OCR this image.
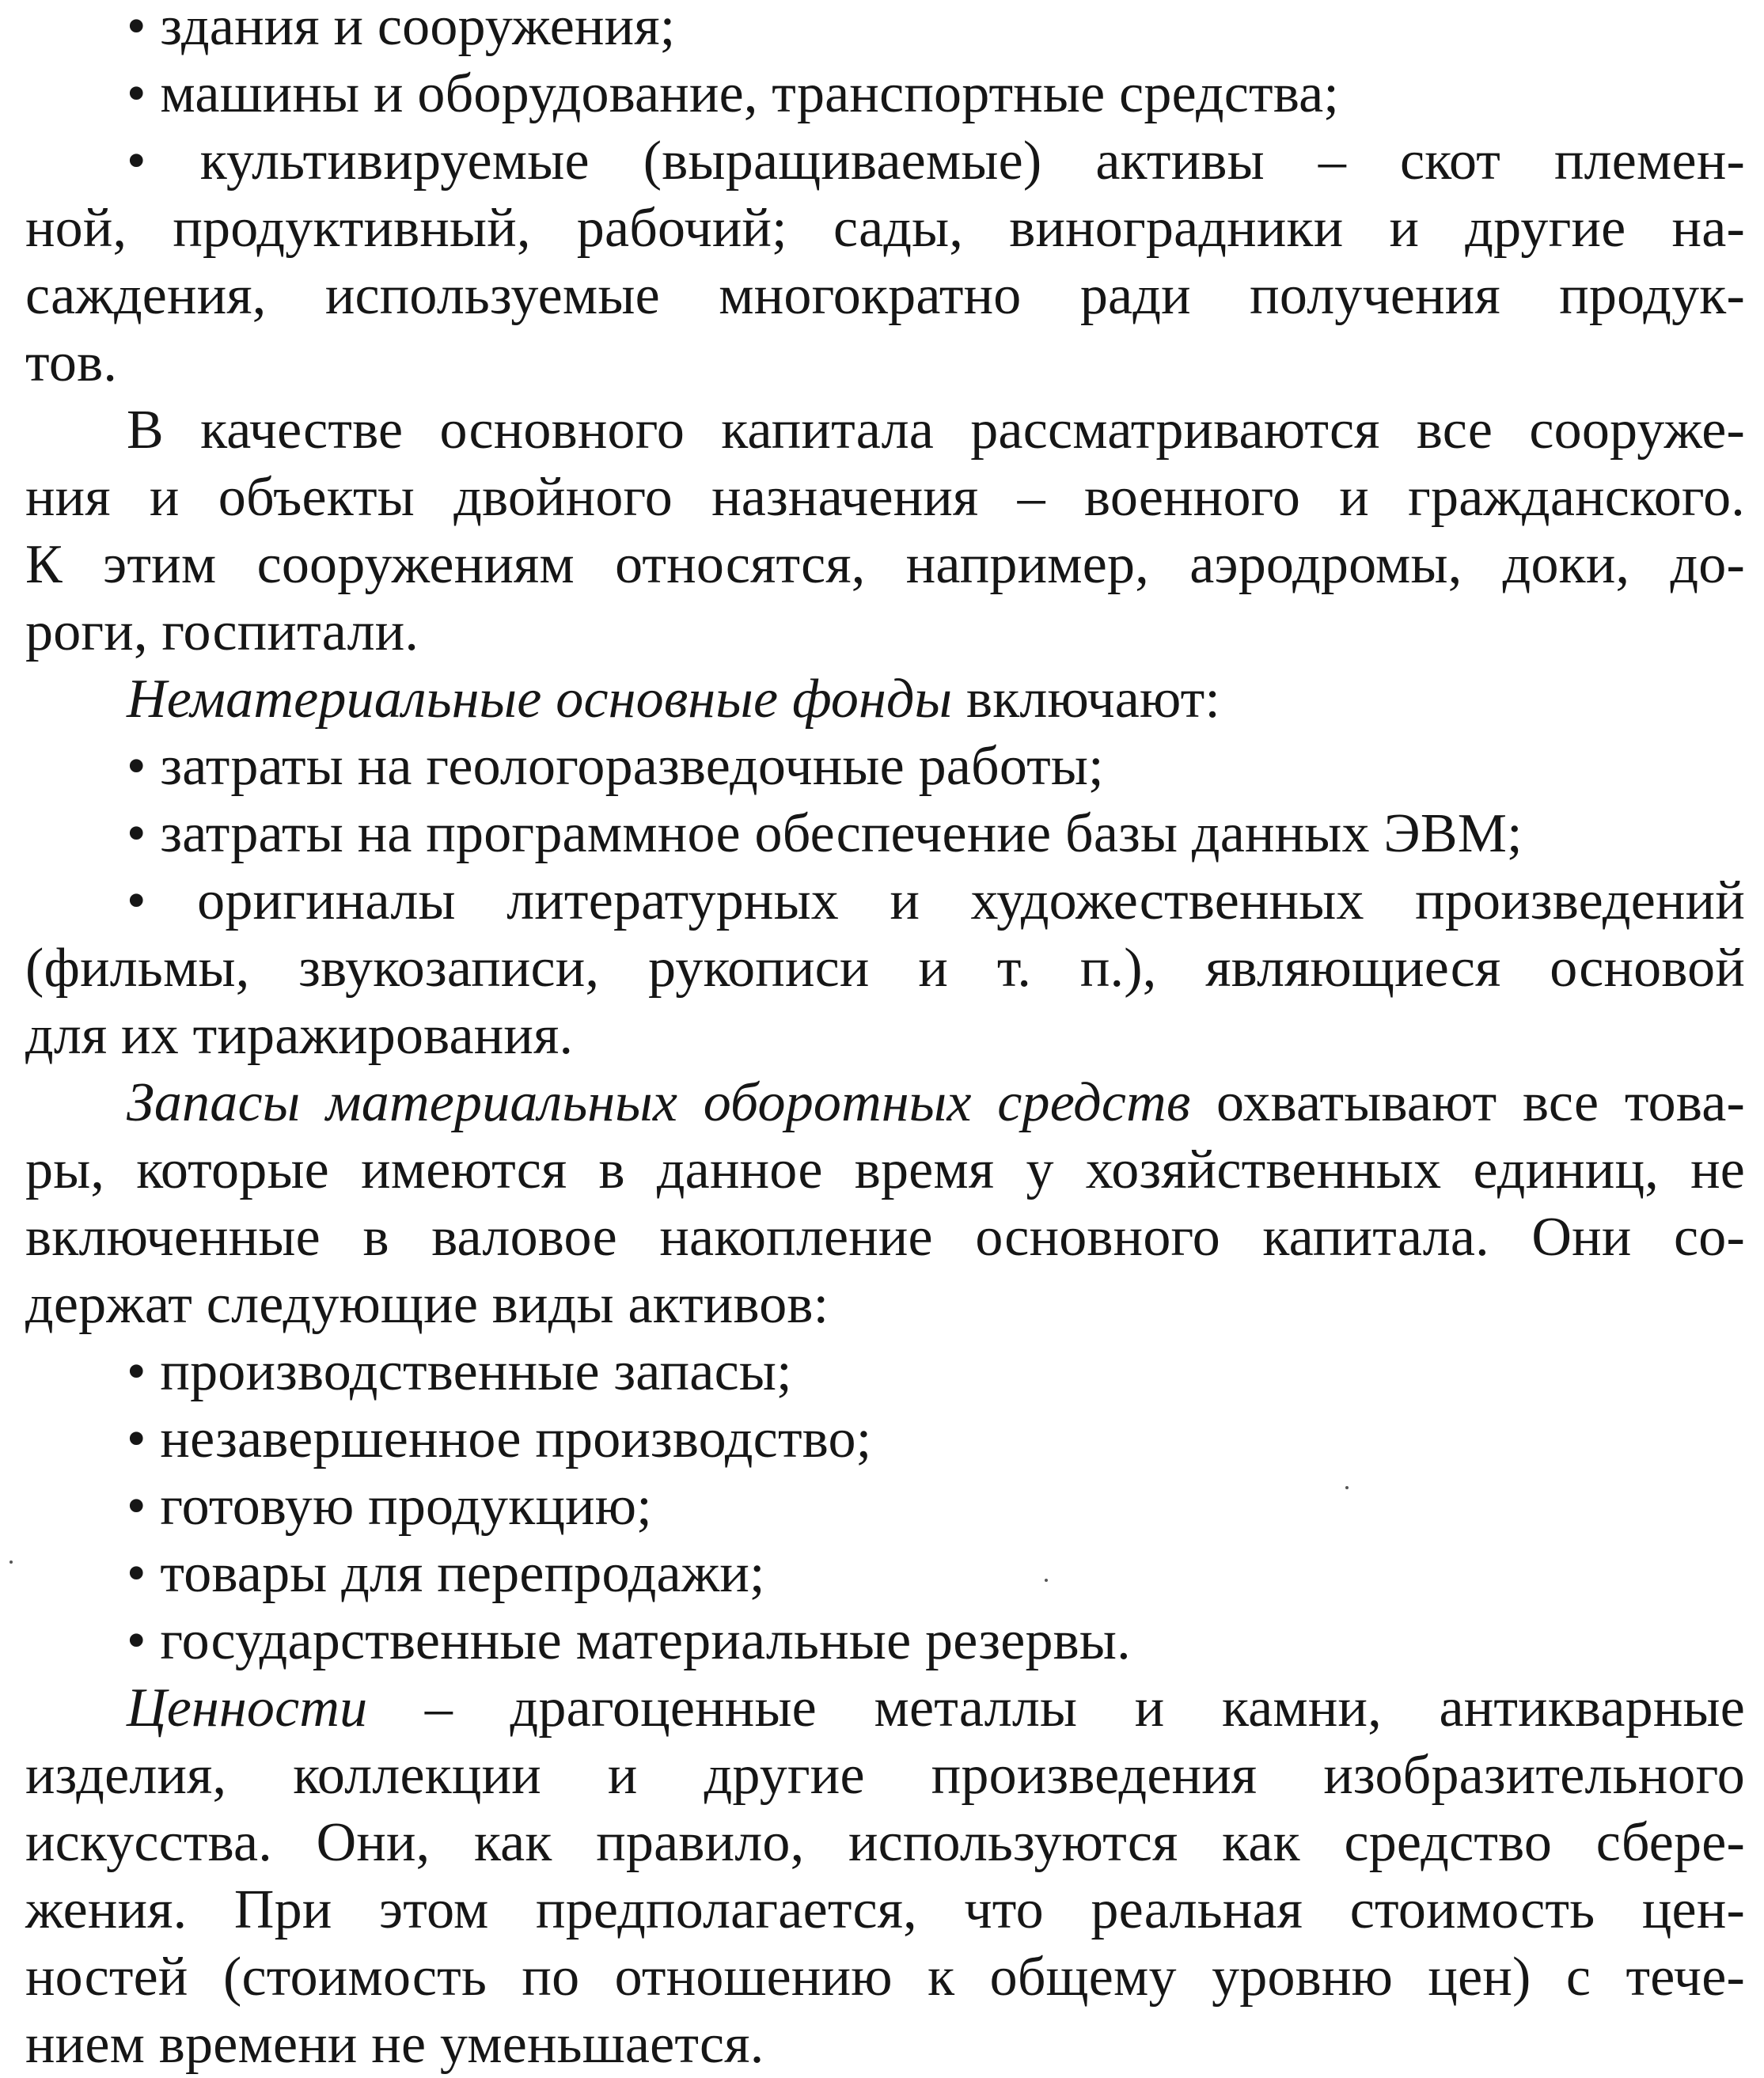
• здания и сооружения;
• машины и оборудование, транспортные средства;
• культивируемые (выращиваемые) активы – скот племен-
ной, продуктивный, рабочий; сады, виноградники и другие на-
саждения, используемые многократно ради получения продук-
тов.
В качестве основного капитала рассматриваются все сооруже-
ния и объекты двойного назначения – военного и гражданского.
К этим сооружениям относятся, например, аэродромы, доки, до-
роги, госпитали.
Нематериальные основные фонды включают:
• затраты на геологоразведочные работы;
• затраты на программное обеспечение базы данных ЭВМ;
• оригиналы литературных и художественных произведений
(фильмы, звукозаписи, рукописи и т. п.), являющиеся основой
для их тиражирования.
Запасы материальных оборотных средств охватывают все това-
ры, которые имеются в данное время у хозяйственных единиц, не
включенные в валовое накопление основного капитала. Они со-
держат следующие виды активов:
• производственные запасы;
• незавершенное производство;
• готовую продукцию;
• товары для перепродажи;
• государственные материальные резервы.
Ценности – драгоценные металлы и камни, антикварные
изделия, коллекции и другие произведения изобразительного
искусства. Они, как правило, используются как средство сбере-
жения. При этом предполагается, что реальная стоимость цен-
ностей (стоимость по отношению к общему уровню цен) с тече-
нием времени не уменьшается.
